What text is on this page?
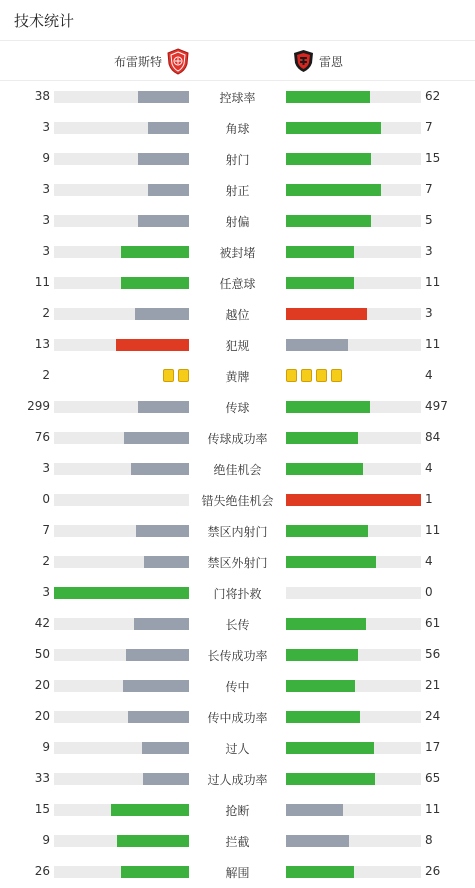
技术统计
布雷斯特	雷恩
38	控球率	62
3	角球	7
9	射门	15
3	射正	7
3	射偏	5
3	被封堵	3
11	任意球	11
2	越位	3
13	犯规	11
2	黄牌	4
299	传球	497
76	传球成功率	84
3	绝佳机会	4
0	错失绝佳机会	1
7	禁区内射门	11
2	禁区外射门	4
3	门将扑救	0
42	长传	61
50	长传成功率	56
20	传中	21
20	传中成功率	24
9	过人	17
33	过人成功率	65
15	抢断	11
9	拦截	8
26	解围	26
